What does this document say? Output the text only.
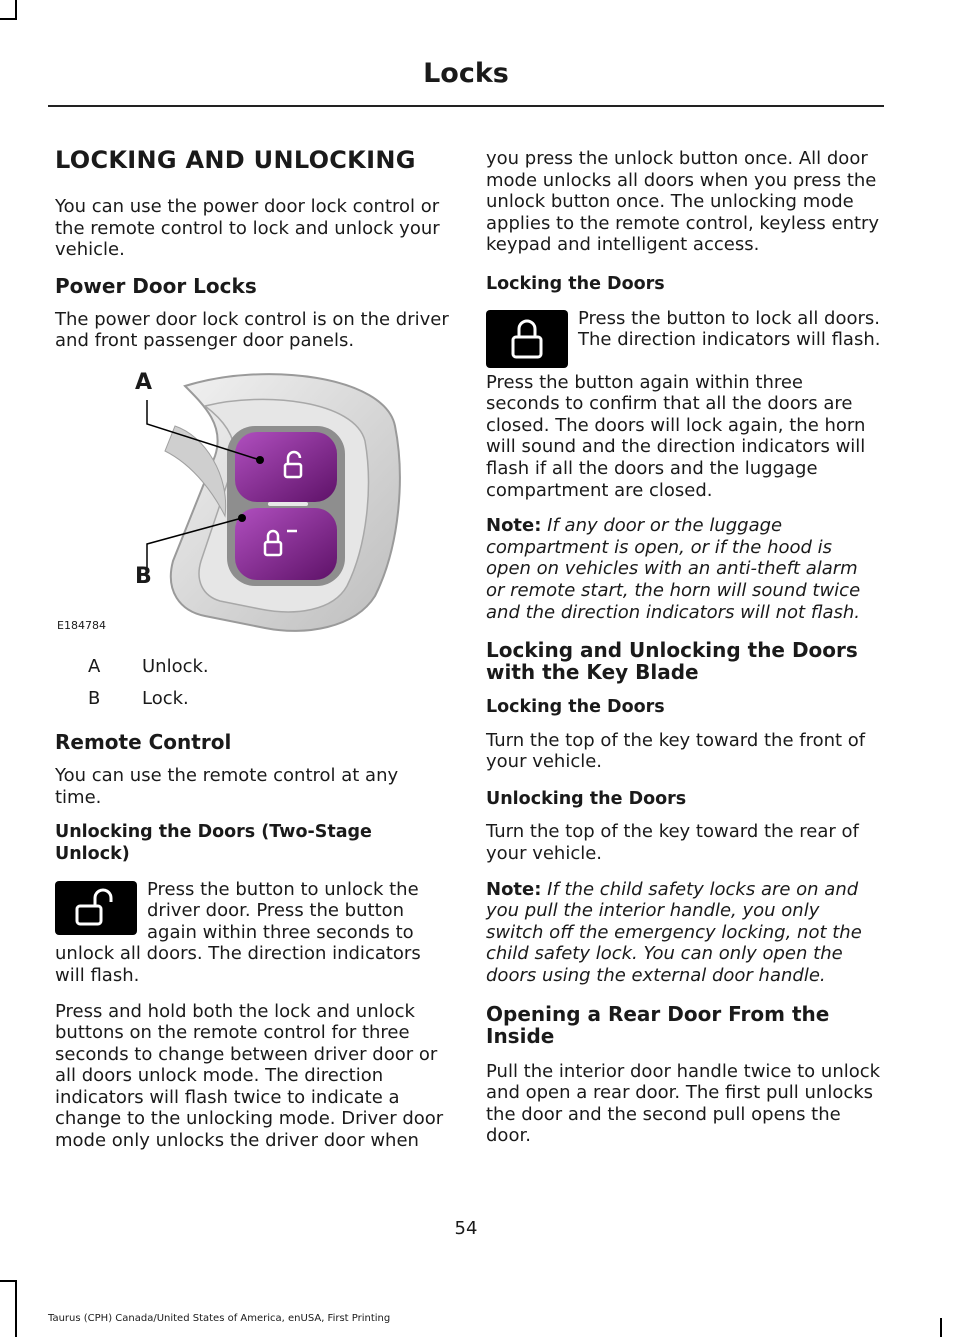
Locks
LOCKING AND UNLOCKING

You can use the power door lock control or the remote control to lock and unlock your vehicle.

Power Door Locks

The power door lock control is on the driver and front passenger door panels.

A
B
E184784
A	Unlock.
B	Lock.
Remote Control

You can use the remote control at any time.

Unlocking the Doors (Two-Stage Unlock)

Press the button to unlock the driver door. Press the button again within three seconds to unlock all doors. The direction indicators will flash.

Press and hold both the lock and unlock buttons on the remote control for three seconds to change between driver door or all doors unlock mode. The direction indicators will flash twice to indicate a change to the unlocking mode. Driver door mode only unlocks the driver door when

you press the unlock button once. All door mode unlocks all doors when you press the unlock button once. The unlocking mode applies to the remote control, keyless entry keypad and intelligent access.

Locking the Doors

Press the button to lock all doors. The direction indicators will flash.

Press the button again within three seconds to confirm that all the doors are closed. The doors will lock again, the horn will sound and the direction indicators will flash if all the doors and the luggage compartment are closed.

Note: If any door or the luggage compartment is open, or if the hood is open on vehicles with an anti-theft alarm or remote start, the horn will sound twice and the direction indicators will not flash.

Locking and Unlocking the Doors with the Key Blade
Locking the Doors

Turn the top of the key toward the front of your vehicle.

Unlocking the Doors

Turn the top of the key toward the rear of your vehicle.

Note: If the child safety locks are on and you pull the interior handle, you only switch off the emergency locking, not the child safety lock. You can only open the doors using the external door handle.

Opening a Rear Door From the Inside

Pull the interior door handle twice to unlock and open a rear door. The first pull unlocks the door and the second pull opens the door.

54
Taurus (CPH) Canada/United States of America, enUSA, First Printing
